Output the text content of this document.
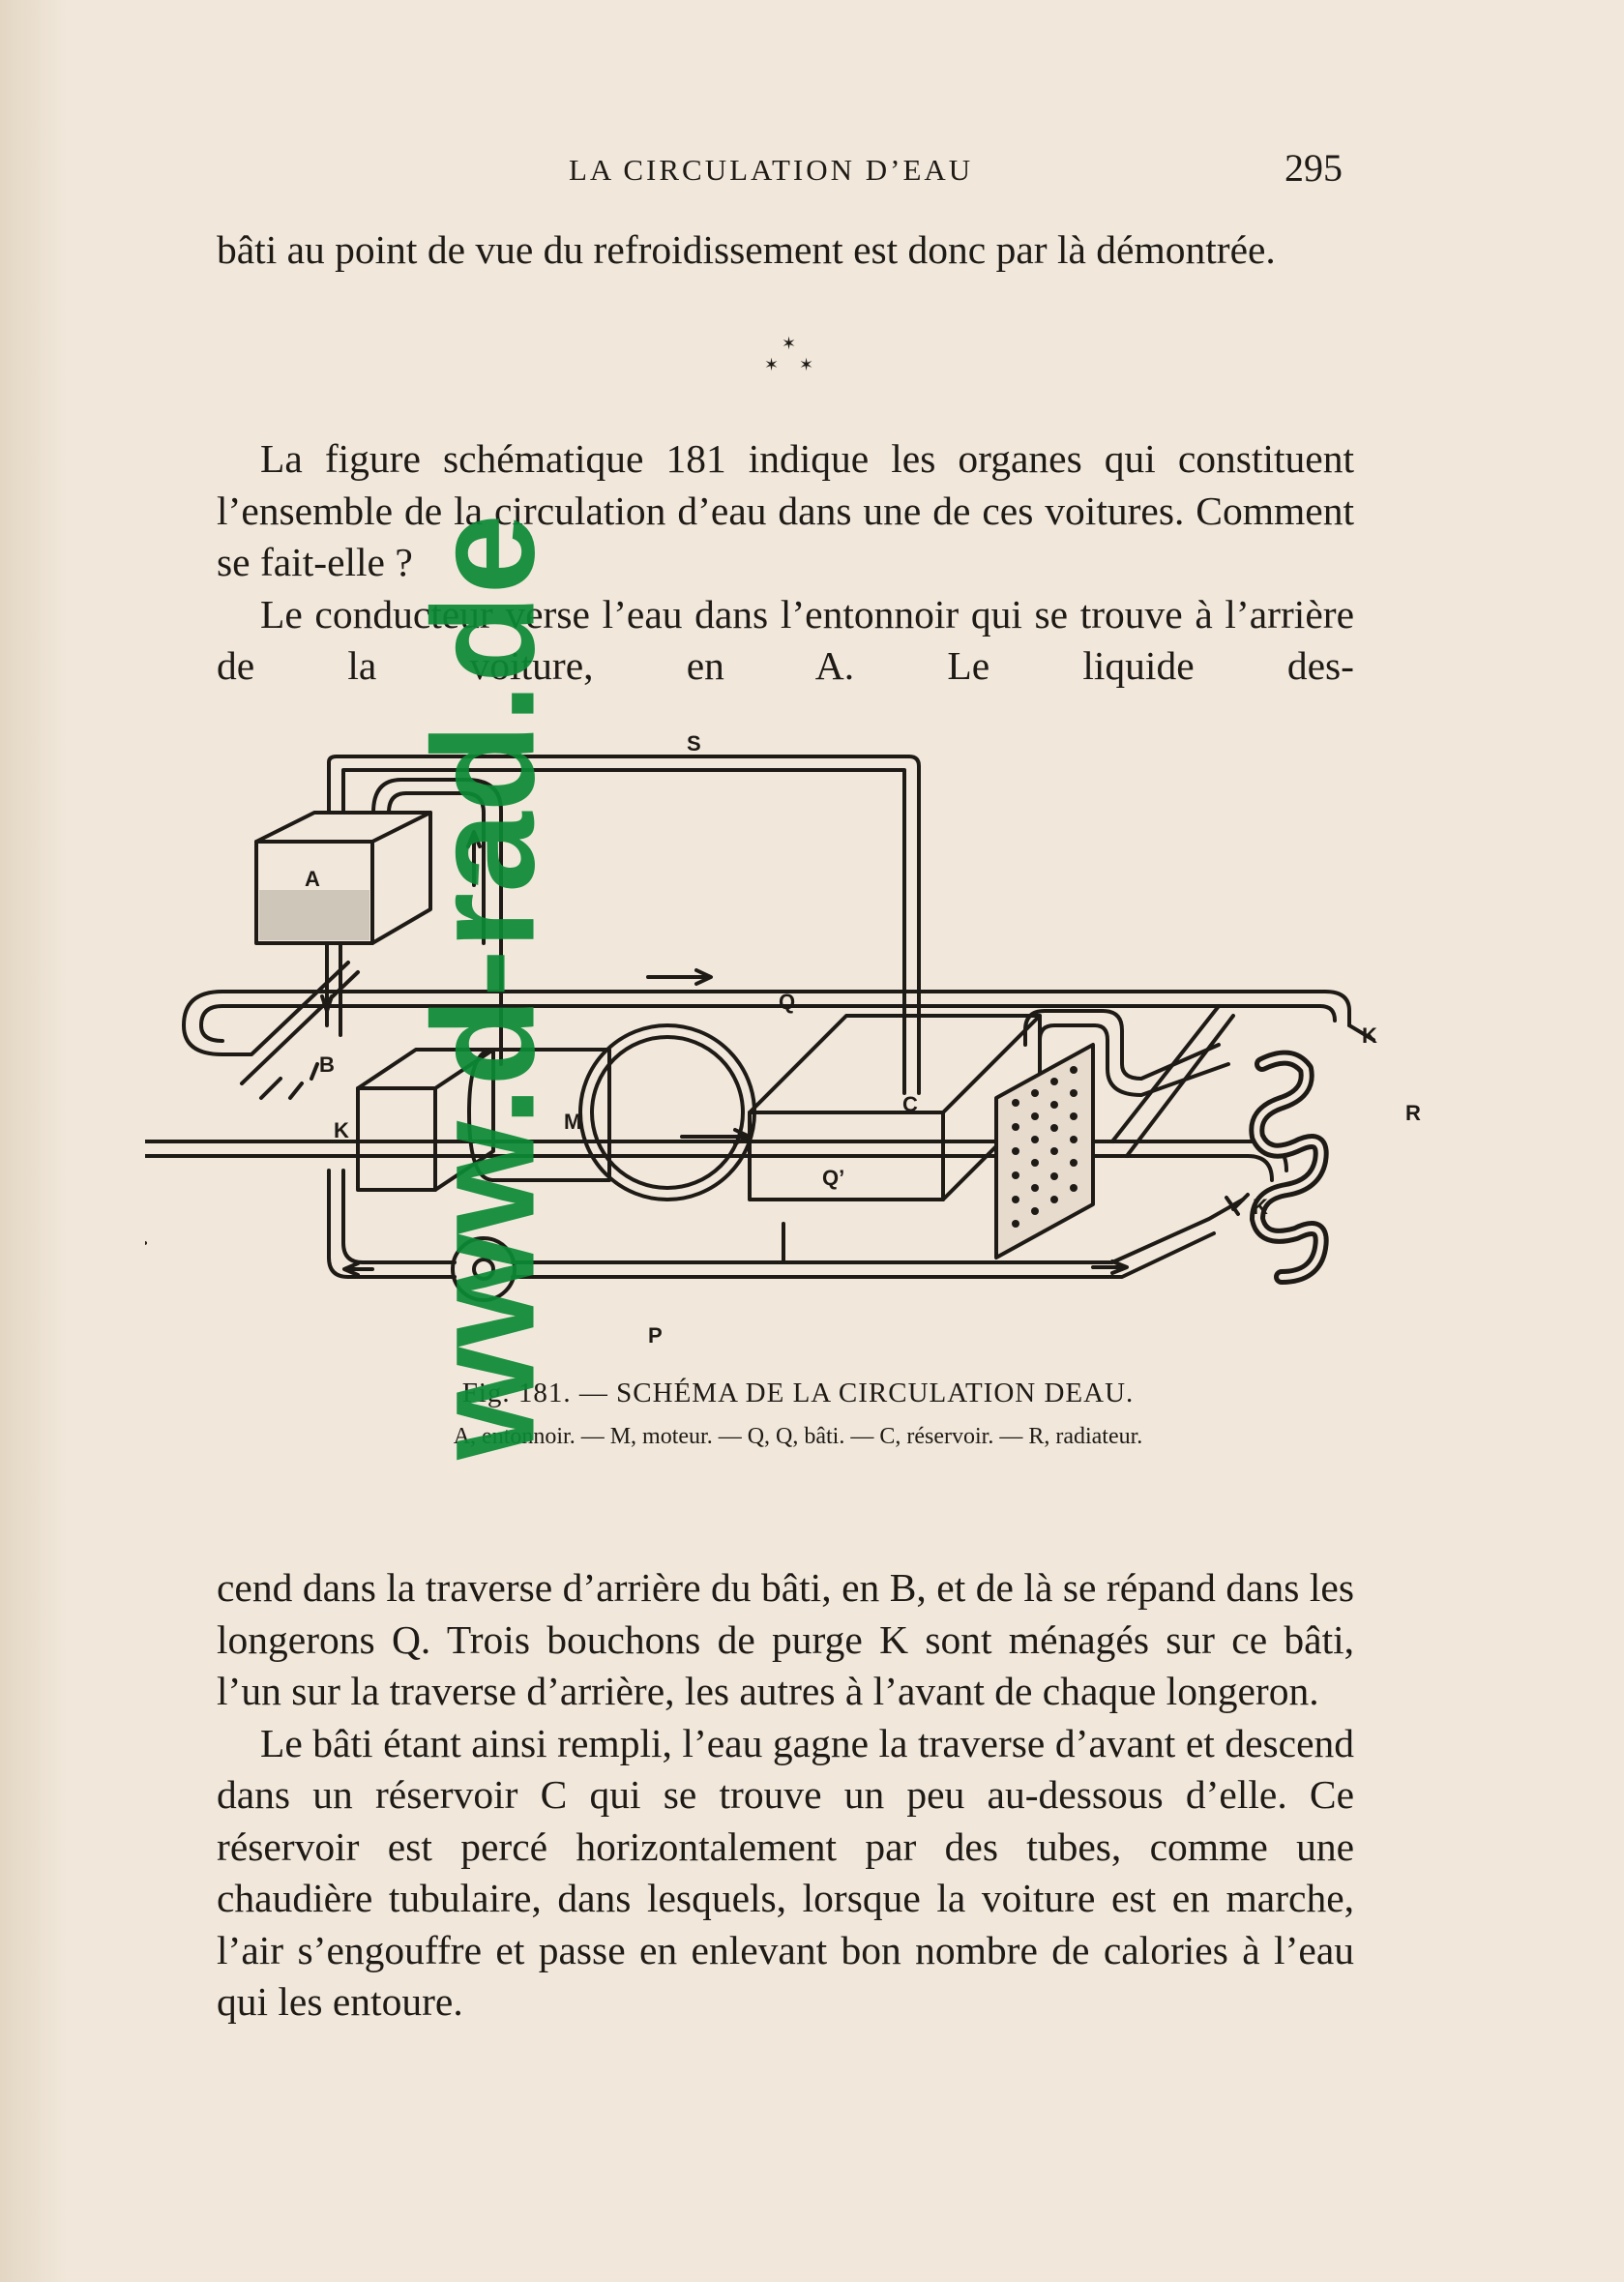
LA CIRCULATION D’EAU	295

bâti au point de vue du refroidissement est donc par là démontrée.

✶
✶ ✶

La figure schématique 181 indique les organes qui constituent l’ensemble de la circulation d’eau dans une de ces voitures. Comment se fait-elle ?

Le conducteur verse l’eau dans l’entonnoir qui se trouve à l’arrière de la voiture, en A. Le liquide des-

A
B
K	M
Q
Q’
C
K
R
K
S
P
Fig. 181. — SCHÉMA DE LA CIRCULATION DEAU.
A, entonnoir. — M, moteur. — Q, Q, bâti. — C, réservoir. — R, radiateur.

cend dans la traverse d’arrière du bâti, en B, et de là se répand dans les longerons Q. Trois bouchons de purge K sont ménagés sur ce bâti, l’un sur la traverse d’arrière, les autres à l’avant de chaque longeron.

Le bâti étant ainsi rempli, l’eau gagne la traverse d’avant et descend dans un réservoir C qui se trouve un peu au-dessous d’elle. Ce réservoir est percé horizontalement par des tubes, comme une chaudière tubulaire, dans lesquels, lorsque la voiture est en marche, l’air s’engouffre et passe en enlevant bon nombre de calories à l’eau qui les entoure.

www.d-rad.de
